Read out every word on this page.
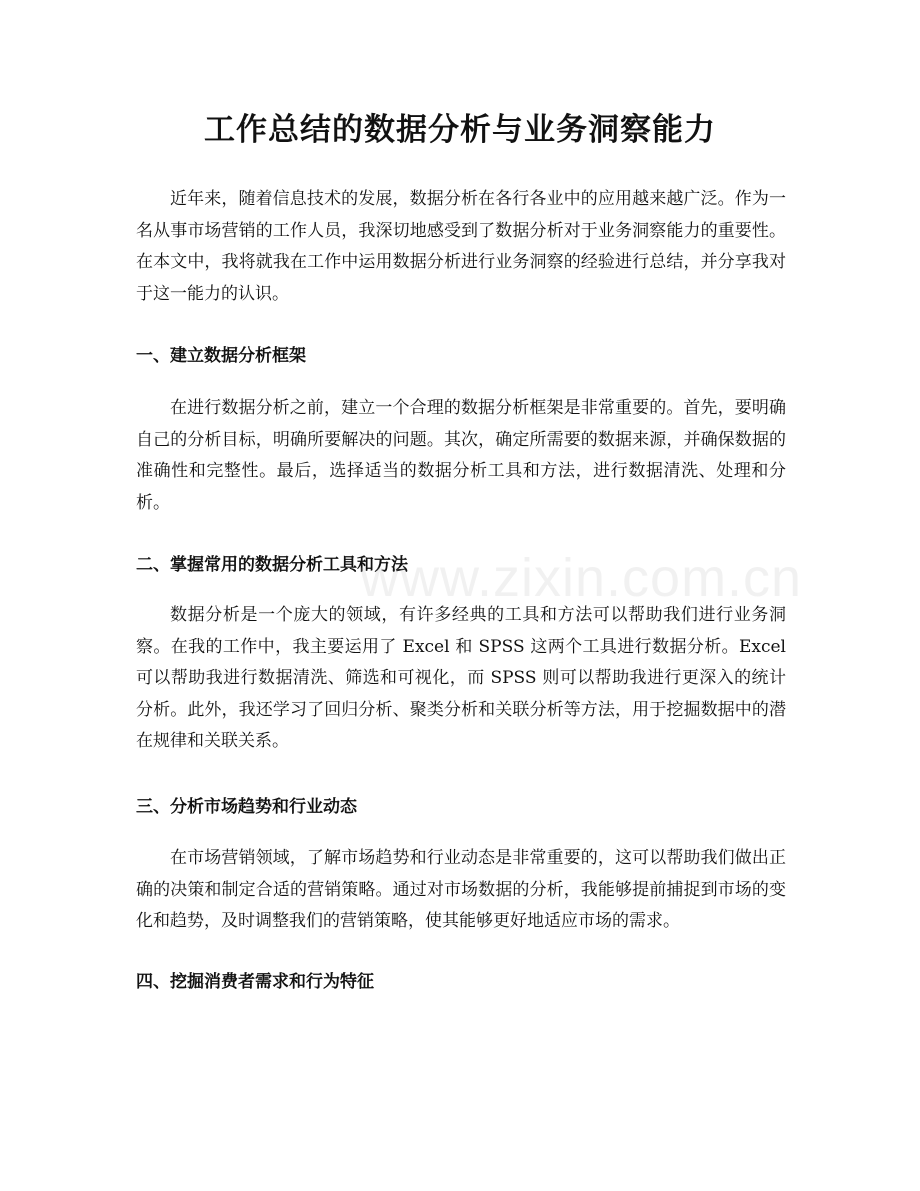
工作总结的数据分析与业务洞察能力

近年来，随着信息技术的发展，数据分析在各行各业中的应用越来越广泛。作为一名从事市场营销的工作人员，我深切地感受到了数据分析对于业务洞察能力的重要性。在本文中，我将就我在工作中运用数据分析进行业务洞察的经验进行总结，并分享我对于这一能力的认识。

一、建立数据分析框架

在进行数据分析之前，建立一个合理的数据分析框架是非常重要的。首先，要明确自己的分析目标，明确所要解决的问题。其次，确定所需要的数据来源，并确保数据的准确性和完整性。最后，选择适当的数据分析工具和方法，进行数据清洗、处理和分析。

二、掌握常用的数据分析工具和方法

数据分析是一个庞大的领域，有许多经典的工具和方法可以帮助我们进行业务洞察。在我的工作中，我主要运用了 Excel 和 SPSS 这两个工具进行数据分析。Excel 可以帮助我进行数据清洗、筛选和可视化，而 SPSS 则可以帮助我进行更深入的统计分析。此外，我还学习了回归分析、聚类分析和关联分析等方法，用于挖掘数据中的潜在规律和关联关系。

三、分析市场趋势和行业动态

在市场营销领域，了解市场趋势和行业动态是非常重要的，这可以帮助我们做出正确的决策和制定合适的营销策略。通过对市场数据的分析，我能够提前捕捉到市场的变化和趋势，及时调整我们的营销策略，使其能够更好地适应市场的需求。

四、挖掘消费者需求和行为特征
www.zixin.com.cn
